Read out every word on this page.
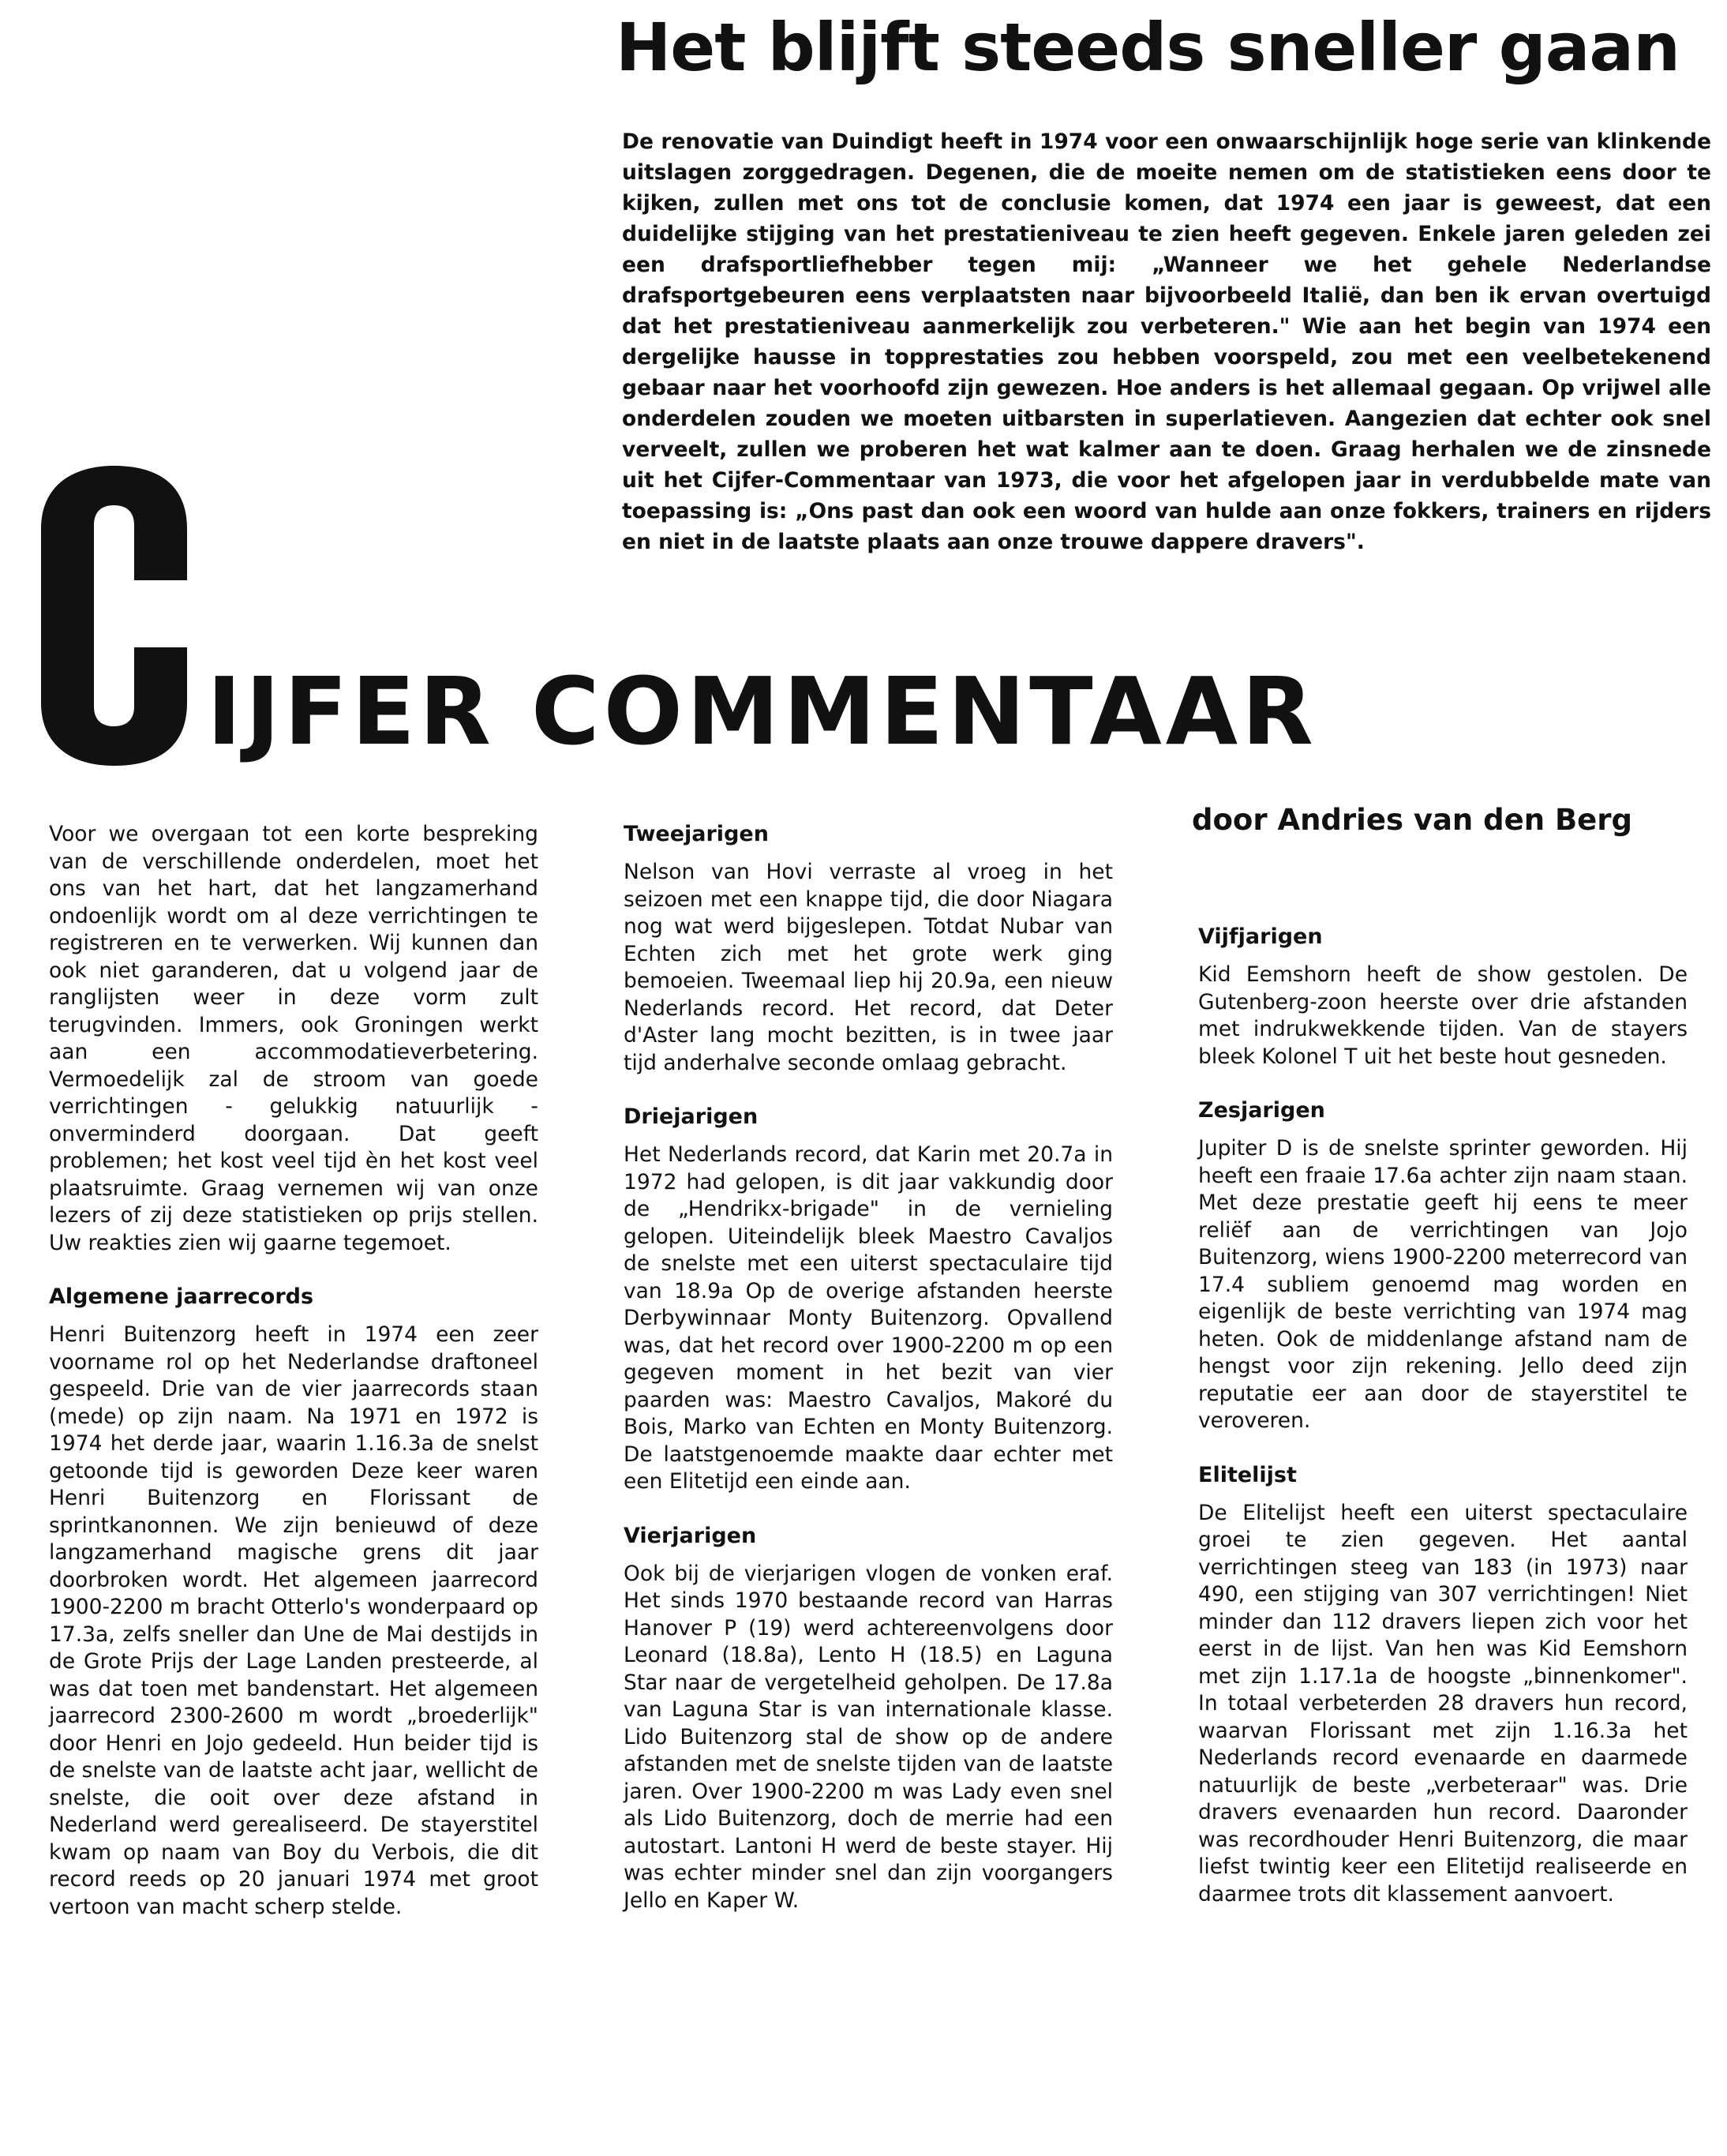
Het blijft steeds sneller gaan

De renovatie van Duindigt heeft in 1974 voor een onwaarschijnlijk hoge serie van klinkende uitslagen zorggedragen. Degenen, die de moeite nemen om de statistieken eens door te kijken, zullen met ons tot de conclusie komen, dat 1974 een jaar is geweest, dat een duidelijke stijging van het prestatieniveau te zien heeft gegeven. Enkele jaren geleden zei een drafsportliefhebber tegen mij: „Wanneer we het gehele Nederlandse drafsportgebeuren eens verplaatsten naar bijvoorbeeld Italië, dan ben ik ervan overtuigd dat het prestatieniveau aanmerkelijk zou verbeteren." Wie aan het begin van 1974 een dergelijke hausse in topprestaties zou hebben voorspeld, zou met een veelbetekenend gebaar naar het voorhoofd zijn gewezen. Hoe anders is het allemaal gegaan. Op vrijwel alle onderdelen zouden we moeten uitbarsten in superlatieven. Aangezien dat echter ook snel verveelt, zullen we proberen het wat kalmer aan te doen. Graag herhalen we de zinsnede uit het Cijfer-Commentaar van 1973, die voor het afgelopen jaar in verdubbelde mate van toepassing is: „Ons past dan ook een woord van hulde aan onze fokkers, trainers en rijders en niet in de laatste plaats aan onze trouwe dappere dravers".

IJFER COMMENTAAR
door Andries van den Berg

Voor we overgaan tot een korte bespreking van de verschillende onderdelen, moet het ons van het hart, dat het langzamerhand ondoenlijk wordt om al deze verrichtingen te registreren en te verwerken. Wij kunnen dan ook niet garanderen, dat u volgend jaar de ranglijsten weer in deze vorm zult terugvinden. Immers, ook Groningen werkt aan een accommodatieverbetering. Vermoedelijk zal de stroom van goede verrichtingen - gelukkig natuurlijk - onverminderd doorgaan. Dat geeft problemen; het kost veel tijd èn het kost veel plaatsruimte. Graag vernemen wij van onze lezers of zij deze statistieken op prijs stellen. Uw reakties zien wij gaarne tegemoet.

Algemene jaarrecords

Henri Buitenzorg heeft in 1974 een zeer voorname rol op het Nederlandse draftoneel gespeeld. Drie van de vier jaarrecords staan (mede) op zijn naam. Na 1971 en 1972 is 1974 het derde jaar, waarin 1.16.3a de snelst getoonde tijd is geworden Deze keer waren Henri Buitenzorg en Florissant de sprintkanonnen. We zijn benieuwd of deze langzamerhand magische grens dit jaar doorbroken wordt. Het algemeen jaarrecord 1900-2200 m bracht Otterlo's wonderpaard op 17.3a, zelfs sneller dan Une de Mai destijds in de Grote Prijs der Lage Landen presteerde, al was dat toen met bandenstart. Het algemeen jaarrecord 2300-2600 m wordt „broederlijk" door Henri en Jojo gedeeld. Hun beider tijd is de snelste van de laatste acht jaar, wellicht de snelste, die ooit over deze afstand in Nederland werd gerealiseerd. De stayerstitel kwam op naam van Boy du Verbois, die dit record reeds op 20 januari 1974 met groot vertoon van macht scherp stelde.

Tweejarigen

Nelson van Hovi verraste al vroeg in het seizoen met een knappe tijd, die door Niagara nog wat werd bijgeslepen. Totdat Nubar van Echten zich met het grote werk ging bemoeien. Tweemaal liep hij 20.9a, een nieuw Nederlands record. Het record, dat Deter d'Aster lang mocht bezitten, is in twee jaar tijd anderhalve seconde omlaag gebracht.

Driejarigen

Het Nederlands record, dat Karin met 20.7a in 1972 had gelopen, is dit jaar vakkundig door de „Hendrikx-brigade" in de vernieling gelopen. Uiteindelijk bleek Maestro Cavaljos de snelste met een uiterst spectaculaire tijd van 18.9a Op de overige afstanden heerste Derbywinnaar Monty Buitenzorg. Opvallend was, dat het record over 1900-2200 m op een gegeven moment in het bezit van vier paarden was: Maestro Cavaljos, Makoré du Bois, Marko van Echten en Monty Buitenzorg. De laatstgenoemde maakte daar echter met een Elitetijd een einde aan.

Vierjarigen

Ook bij de vierjarigen vlogen de vonken eraf. Het sinds 1970 bestaande record van Harras Hanover P (19) werd achtereenvolgens door Leonard (18.8a), Lento H (18.5) en Laguna Star naar de vergetelheid geholpen. De 17.8a van Laguna Star is van internationale klasse. Lido Buitenzorg stal de show op de andere afstanden met de snelste tijden van de laatste jaren. Over 1900-2200 m was Lady even snel als Lido Buitenzorg, doch de merrie had een autostart. Lantoni H werd de beste stayer. Hij was echter minder snel dan zijn voorgangers Jello en Kaper W.

Vijfjarigen

Kid Eemshorn heeft de show gestolen. De Gutenberg-zoon heerste over drie afstanden met indrukwekkende tijden. Van de stayers bleek Kolonel T uit het beste hout gesneden.

Zesjarigen

Jupiter D is de snelste sprinter geworden. Hij heeft een fraaie 17.6a achter zijn naam staan. Met deze prestatie geeft hij eens te meer reliëf aan de verrichtingen van Jojo Buitenzorg, wiens 1900-2200 meterrecord van 17.4 subliem genoemd mag worden en eigenlijk de beste verrichting van 1974 mag heten. Ook de middenlange afstand nam de hengst voor zijn rekening. Jello deed zijn reputatie eer aan door de stayerstitel te veroveren.

Elitelijst

De Elitelijst heeft een uiterst spectaculaire groei te zien gegeven. Het aantal verrichtingen steeg van 183 (in 1973) naar 490, een stijging van 307 verrichtingen! Niet minder dan 112 dravers liepen zich voor het eerst in de lijst. Van hen was Kid Eemshorn met zijn 1.17.1a de hoogste „binnenkomer". In totaal verbeterden 28 dravers hun record, waarvan Florissant met zijn 1.16.3a het Nederlands record evenaarde en daarmede natuurlijk de beste „verbeteraar" was. Drie dravers evenaarden hun record. Daaronder was recordhouder Henri Buitenzorg, die maar liefst twintig keer een Elitetijd realiseerde en daarmee trots dit klassement aanvoert.
